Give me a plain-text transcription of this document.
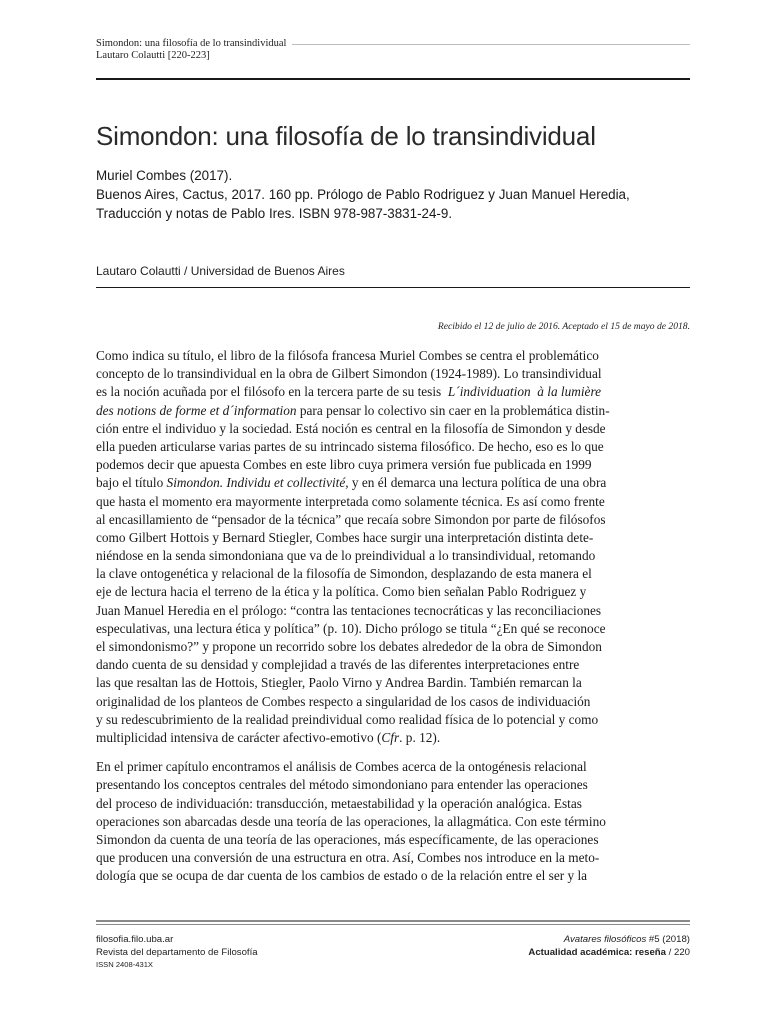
Simondon: una filosofía de lo transindividual
Lautaro Colautti [220-223]
Simondon: una filosofía de lo transindividual
Muriel Combes (2017).
Buenos Aires, Cactus, 2017. 160 pp. Prólogo de Pablo Rodriguez y Juan Manuel Heredia,
Traducción y notas de Pablo Ires. ISBN 978-987-3831-24-9.
Lautaro Colautti / Universidad de Buenos Aires
Recibido el 12 de julio de 2016. Aceptado el 15 de mayo de 2018.
Como indica su título, el libro de la filósofa francesa Muriel Combes se centra el problemático
concepto de lo transindividual en la obra de Gilbert Simondon (1924-1989). Lo transindividual
es la noción acuñada por el filósofo en la tercera parte de su tesis L´individuation à la lumière
des notions de forme et d´information para pensar lo colectivo sin caer en la problemática distin-
ción entre el individuo y la sociedad. Está noción es central en la filosofía de Simondon y desde
ella pueden articularse varias partes de su intrincado sistema filosófico. De hecho, eso es lo que
podemos decir que apuesta Combes en este libro cuya primera versión fue publicada en 1999
bajo el título Simondon. Individu et collectivité, y en él demarca una lectura política de una obra
que hasta el momento era mayormente interpretada como solamente técnica. Es así como frente
al encasillamiento de “pensador de la técnica” que recaía sobre Simondon por parte de filósofos
como Gilbert Hottois y Bernard Stiegler, Combes hace surgir una interpretación distinta dete-
niéndose en la senda simondoniana que va de lo preindividual a lo transindividual, retomando
la clave ontogenética y relacional de la filosofía de Simondon, desplazando de esta manera el
eje de lectura hacia el terreno de la ética y la política. Como bien señalan Pablo Rodriguez y
Juan Manuel Heredia en el prólogo: “contra las tentaciones tecnocráticas y las reconciliaciones
especulativas, una lectura ética y política” (p. 10). Dicho prólogo se titula “¿En qué se reconoce
el simondonismo?” y propone un recorrido sobre los debates alrededor de la obra de Simondon
dando cuenta de su densidad y complejidad a través de las diferentes interpretaciones entre
las que resaltan las de Hottois, Stiegler, Paolo Virno y Andrea Bardin. También remarcan la
originalidad de los planteos de Combes respecto a singularidad de los casos de individuación
y su redescubrimiento de la realidad preindividual como realidad física de lo potencial y como
multiplicidad intensiva de carácter afectivo-emotivo (Cfr. p. 12).
En el primer capítulo encontramos el análisis de Combes acerca de la ontogénesis relacional
presentando los conceptos centrales del método simondoniano para entender las operaciones
del proceso de individuación: transducción, metaestabilidad y la operación analógica. Estas
operaciones son abarcadas desde una teoría de las operaciones, la allagmática. Con este término
Simondon da cuenta de una teoría de las operaciones, más específicamente, de las operaciones
que producen una conversión de una estructura en otra. Así, Combes nos introduce en la meto-
dología que se ocupa de dar cuenta de los cambios de estado o de la relación entre el ser y la
filosofia.filo.uba.ar
Revista del departamento de Filosofía
ISSN 2408-431X
Avatares filosóficos #5 (2018)
Actualidad académica: reseña / 220
